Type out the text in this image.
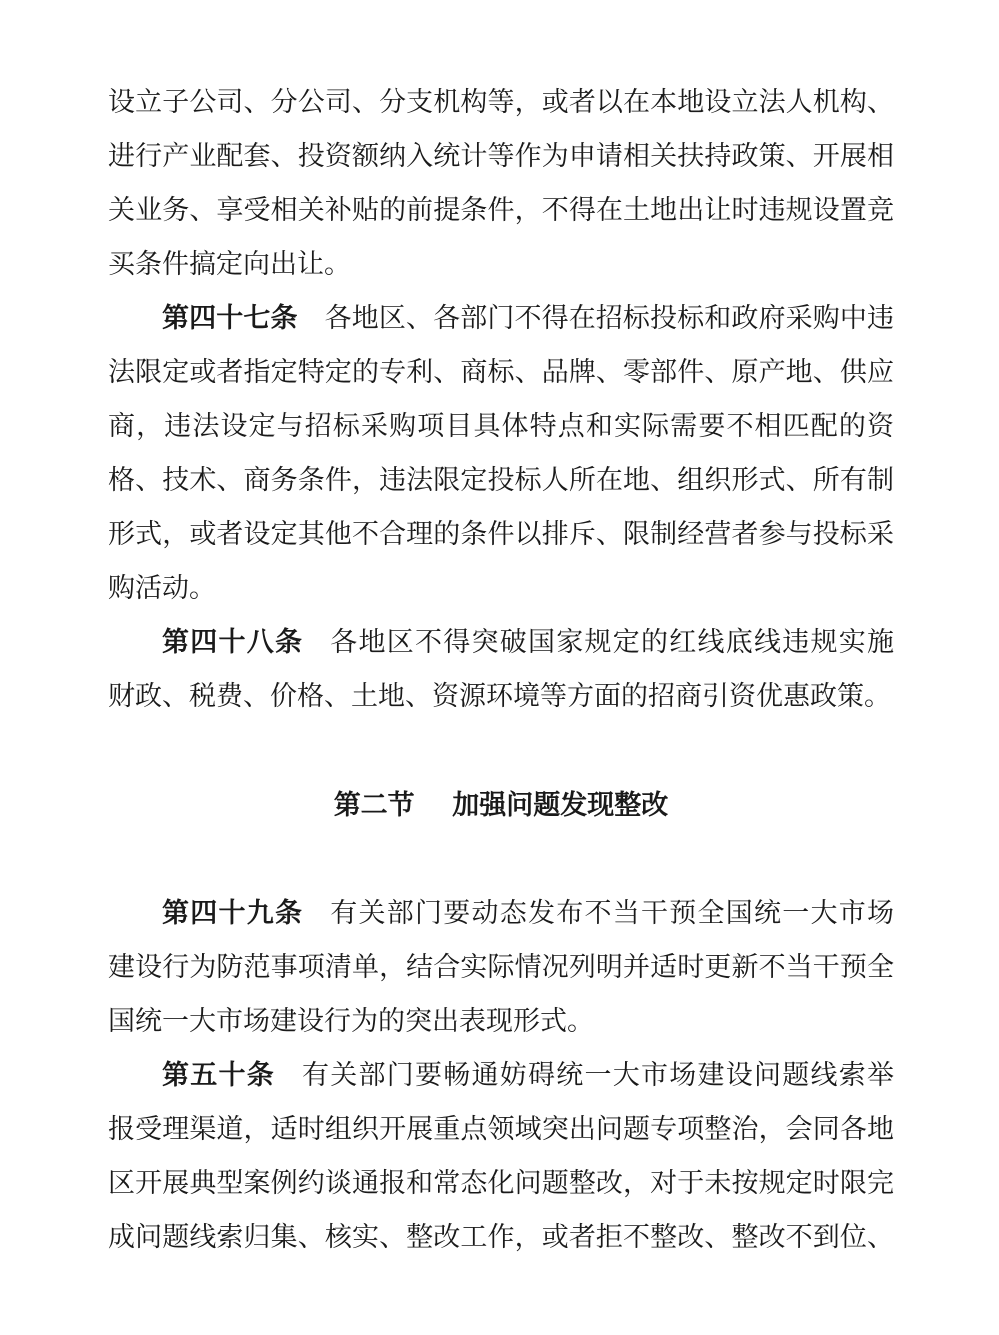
设立子公司、分公司、分支机构等，或者以在本地设立法人机构、
进行产业配套、投资额纳入统计等作为申请相关扶持政策、开展相
关业务、享受相关补贴的前提条件，不得在土地出让时违规设置竞
买条件搞定向出让。
第四十七条 各地区、各部门不得在招标投标和政府采购中违
法限定或者指定特定的专利、商标、品牌、零部件、原产地、供应
商，违法设定与招标采购项目具体特点和实际需要不相匹配的资
格、技术、商务条件，违法限定投标人所在地、组织形式、所有制
形式，或者设定其他不合理的条件以排斥、限制经营者参与投标采
购活动。
第四十八条 各地区不得突破国家规定的红线底线违规实施
财政、税费、价格、土地、资源环境等方面的招商引资优惠政策。
第二节    加强问题发现整改
第四十九条 有关部门要动态发布不当干预全国统一大市场
建设行为防范事项清单，结合实际情况列明并适时更新不当干预全
国统一大市场建设行为的突出表现形式。
第五十条 有关部门要畅通妨碍统一大市场建设问题线索举
报受理渠道，适时组织开展重点领域突出问题专项整治，会同各地
区开展典型案例约谈通报和常态化问题整改，对于未按规定时限完
成问题线索归集、核实、整改工作，或者拒不整改、整改不到位、
